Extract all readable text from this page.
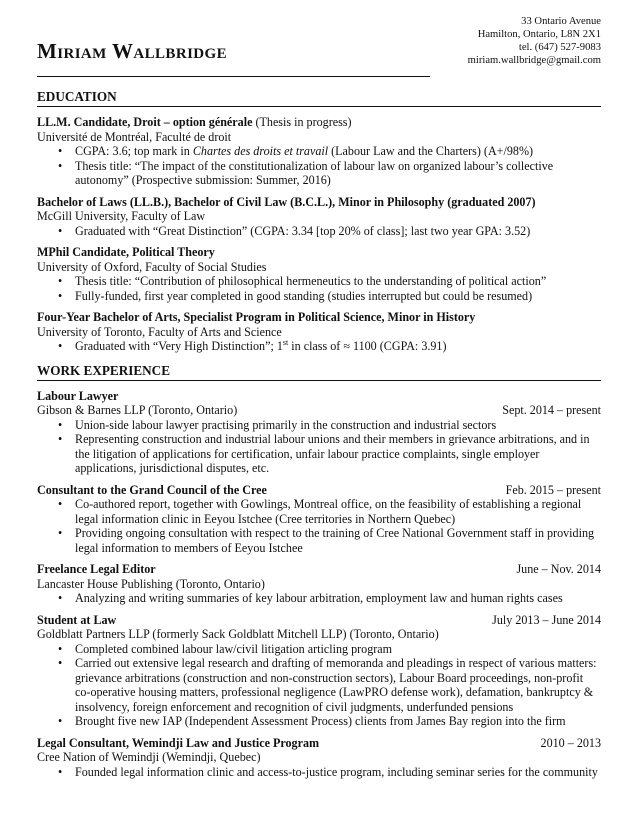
Miriam Wallbridge
33 Ontario Avenue
Hamilton, Ontario, L8N 2X1
tel. (647) 527-9083
miriam.wallbridge@gmail.com
EDUCATION
LL.M. Candidate, Droit – option générale (Thesis in progress)
Université de Montréal, Faculté de droit
• CGPA: 3.6; top mark in Chartes des droits et travail (Labour Law and the Charters) (A+/98%)
• Thesis title: “The impact of the constitutionalization of labour law on organized labour’s collective autonomy” (Prospective submission: Summer, 2016)
Bachelor of Laws (LL.B.), Bachelor of Civil Law (B.C.L.), Minor in Philosophy (graduated 2007)
McGill University, Faculty of Law
• Graduated with “Great Distinction” (CGPA: 3.34 [top 20% of class]; last two year GPA: 3.52)
MPhil Candidate, Political Theory
University of Oxford, Faculty of Social Studies
• Thesis title: “Contribution of philosophical hermeneutics to the understanding of political action”
• Fully-funded, first year completed in good standing (studies interrupted but could be resumed)
Four-Year Bachelor of Arts, Specialist Program in Political Science, Minor in History
University of Toronto, Faculty of Arts and Science
• Graduated with “Very High Distinction”; 1st in class of ≈ 1100 (CGPA: 3.91)
WORK EXPERIENCE
Labour Lawyer
Gibson & Barnes LLP (Toronto, Ontario)	Sept. 2014 – present
• Union-side labour lawyer practising primarily in the construction and industrial sectors
• Representing construction and industrial labour unions and their members in grievance arbitrations, and in the litigation of applications for certification, unfair labour practice complaints, single employer applications, jurisdictional disputes, etc.
Consultant to the Grand Council of the Cree	Feb. 2015 – present
• Co-authored report, together with Gowlings, Montreal office, on the feasibility of establishing a regional legal information clinic in Eeyou Istchee (Cree territories in Northern Quebec)
• Providing ongoing consultation with respect to the training of Cree National Government staff in providing legal information to members of Eeyou Istchee
Freelance Legal Editor	June – Nov. 2014
Lancaster House Publishing (Toronto, Ontario)
• Analyzing and writing summaries of key labour arbitration, employment law and human rights cases
Student at Law	July 2013 – June 2014
Goldblatt Partners LLP (formerly Sack Goldblatt Mitchell LLP) (Toronto, Ontario)
• Completed combined labour law/civil litigation articling program
• Carried out extensive legal research and drafting of memoranda and pleadings in respect of various matters: grievance arbitrations (construction and non-construction sectors), Labour Board proceedings, non-profit co-operative housing matters, professional negligence (LawPRO defense work), defamation, bankruptcy & insolvency, foreign enforcement and recognition of civil judgments, underfunded pensions
• Brought five new IAP (Independent Assessment Process) clients from James Bay region into the firm
Legal Consultant, Wemindji Law and Justice Program	2010 – 2013
Cree Nation of Wemindji (Wemindji, Quebec)
• Founded legal information clinic and access-to-justice program, including seminar series for the community
